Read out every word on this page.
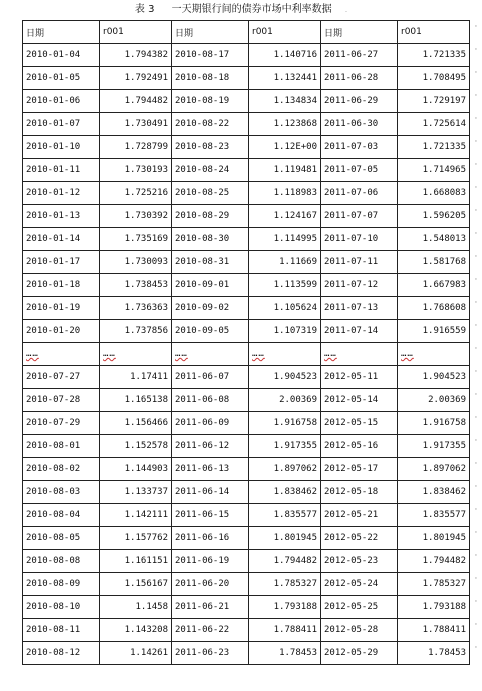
表 3 一天期银行间的债券市场中利率数据 .
日期	r001	日期	r001	日期	r001
2010-01-04	1.794382	2010-08-17	1.140716	2011-06-27	1.721335
2010-01-05	1.792491	2010-08-18	1.132441	2011-06-28	1.708495
2010-01-06	1.794482	2010-08-19	1.134834	2011-06-29	1.729197
2010-01-07	1.730491	2010-08-22	1.123868	2011-06-30	1.725614
2010-01-10	1.728799	2010-08-23	1.12E+00	2011-07-03	1.721335
2010-01-11	1.730193	2010-08-24	1.119481	2011-07-05	1.714965
2010-01-12	1.725216	2010-08-25	1.118983	2011-07-06	1.668083
2010-01-13	1.730392	2010-08-29	1.124167	2011-07-07	1.596205
2010-01-14	1.735169	2010-08-30	1.114995	2011-07-10	1.548013
2010-01-17	1.730093	2010-08-31	1.11669	2011-07-11	1.581768
2010-01-18	1.738453	2010-09-01	1.113599	2011-07-12	1.667983
2010-01-19	1.736363	2010-09-02	1.105624	2011-07-13	1.768608
2010-01-20	1.737856	2010-09-05	1.107319	2011-07-14	1.916559
……	……	……	……	……	……
2010-07-27	1.17411	2011-06-07	1.904523	2012-05-11	1.904523
2010-07-28	1.165138	2011-06-08	2.00369	2012-05-14	2.00369
2010-07-29	1.156466	2011-06-09	1.916758	2012-05-15	1.916758
2010-08-01	1.152578	2011-06-12	1.917355	2012-05-16	1.917355
2010-08-02	1.144903	2011-06-13	1.897062	2012-05-17	1.897062
2010-08-03	1.133737	2011-06-14	1.838462	2012-05-18	1.838462
2010-08-04	1.142111	2011-06-15	1.835577	2012-05-21	1.835577
2010-08-05	1.157762	2011-06-16	1.801945	2012-05-22	1.801945
2010-08-08	1.161151	2011-06-19	1.794482	2012-05-23	1.794482
2010-08-09	1.156167	2011-06-20	1.785327	2012-05-24	1.785327
2010-08-10	1.1458	2011-06-21	1.793188	2012-05-25	1.793188
2010-08-11	1.143208	2011-06-22	1.788411	2012-05-28	1.788411
2010-08-12	1.14261	2011-06-23	1.78453	2012-05-29	1.78453
'
'
'
'
'
'
'
'
'
'
'
'
'
'
'
'
'
'
'
'
'
'
'
'
'
'
'
'
